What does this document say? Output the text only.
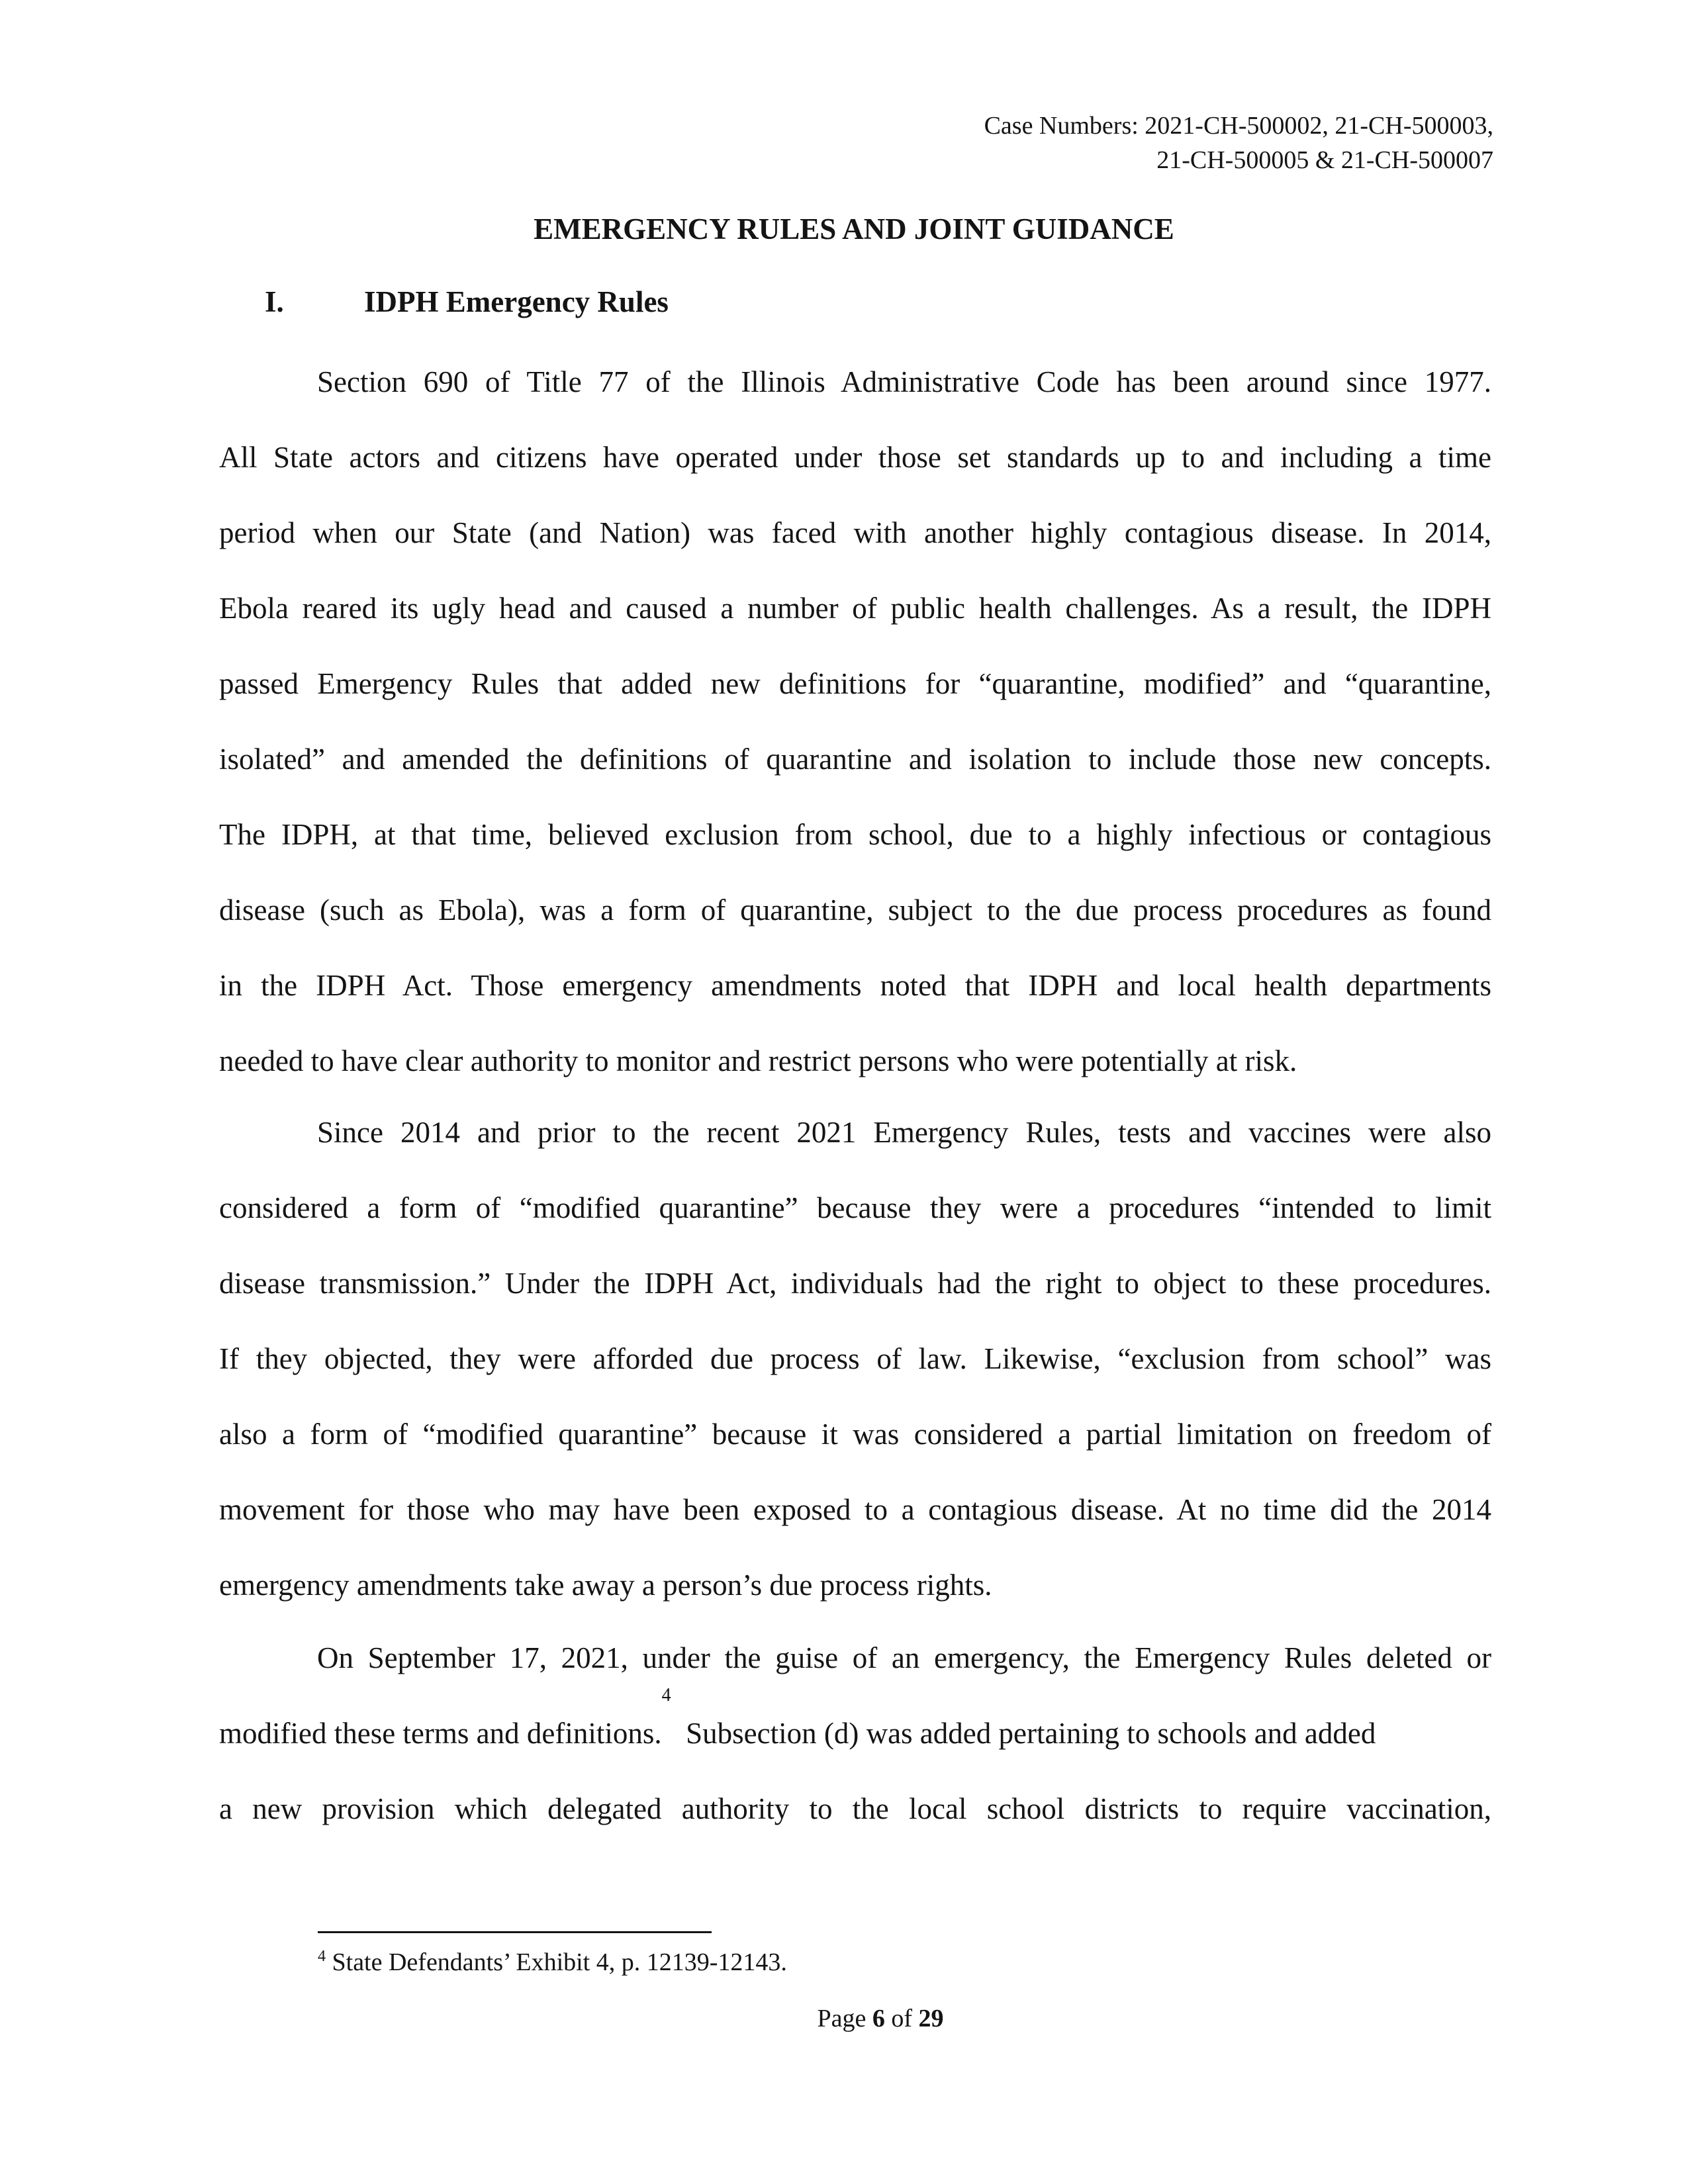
Case Numbers: 2021-CH-500002, 21-CH-500003,
21-CH-500005 & 21-CH-500007
EMERGENCY RULES AND JOINT GUIDANCE
I.	IDPH Emergency Rules
Section 690 of Title 77 of the Illinois Administrative Code has been around since 1977.
All State actors and citizens have operated under those set standards up to and including a time
period when our State (and Nation) was faced with another highly contagious disease. In 2014,
Ebola reared its ugly head and caused a number of public health challenges. As a result, the IDPH
passed Emergency Rules that added new definitions for “quarantine, modified” and “quarantine,
isolated” and amended the definitions of quarantine and isolation to include those new concepts.
The IDPH, at that time, believed exclusion from school, due to a highly infectious or contagious
disease (such as Ebola), was a form of quarantine, subject to the due process procedures as found
in the IDPH Act. Those emergency amendments noted that IDPH and local health departments
needed to have clear authority to monitor and restrict persons who were potentially at risk.
Since 2014 and prior to the recent 2021 Emergency Rules, tests and vaccines were also
considered a form of “modified quarantine” because they were a procedures “intended to limit
disease transmission.” Under the IDPH Act, individuals had the right to object to these procedures.
If they objected, they were afforded due process of law. Likewise, “exclusion from school” was
also a form of “modified quarantine” because it was considered a partial limitation on freedom of
movement for those who may have been exposed to a contagious disease. At no time did the 2014
emergency amendments take away a person’s due process rights.
On September 17, 2021, under the guise of an emergency, the Emergency Rules deleted or
modified these terms and definitions.
4
Subsection (d) was added pertaining to schools and added
a new provision which delegated authority to the local school districts to require vaccination,
$^4$ State Defendants’ Exhibit 4, p. 12139-12143.
Page 6 of 29
